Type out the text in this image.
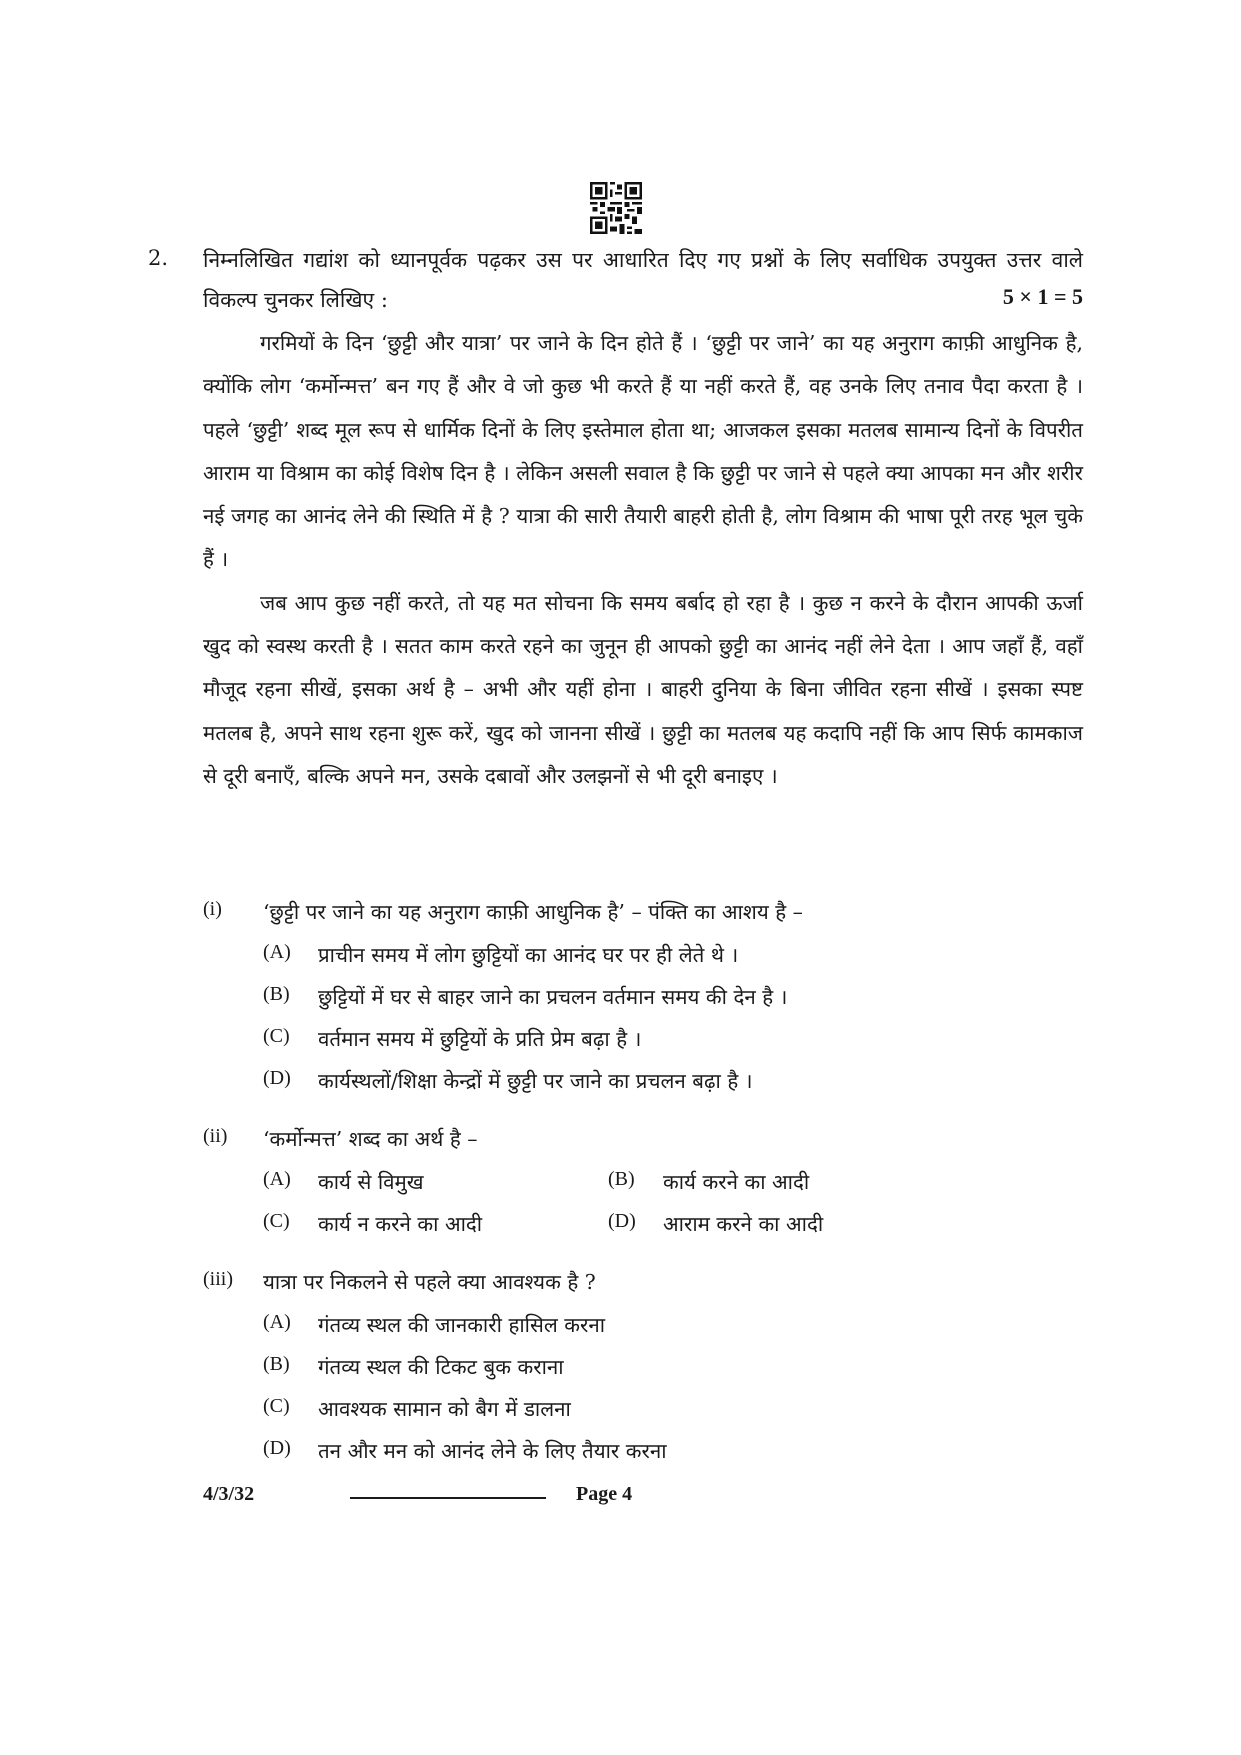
2. निम्नलिखित गद्यांश को ध्यानपूर्वक पढ़कर उस पर आधारित दिए गए प्रश्नों के लिए सर्वाधिक उपयुक्त उत्तर वाले विकल्प चुनकर लिखिए :	5 × 1 = 5

गरमियों के दिन ‘छुट्टी और यात्रा’ पर जाने के दिन होते हैं । ‘छुट्टी पर जाने’ का यह अनुराग काफ़ी आधुनिक है, क्योंकि लोग ‘कर्मोन्मत्त’ बन गए हैं और वे जो कुछ भी करते हैं या नहीं करते हैं, वह उनके लिए तनाव पैदा करता है । पहले ‘छुट्टी’ शब्द मूल रूप से धार्मिक दिनों के लिए इस्तेमाल होता था; आजकल इसका मतलब सामान्य दिनों के विपरीत आराम या विश्राम का कोई विशेष दिन है । लेकिन असली सवाल है कि छुट्टी पर जाने से पहले क्या आपका मन और शरीर नई जगह का आनंद लेने की स्थिति में है ? यात्रा की सारी तैयारी बाहरी होती है, लोग विश्राम की भाषा पूरी तरह भूल चुके हैं ।

जब आप कुछ नहीं करते, तो यह मत सोचना कि समय बर्बाद हो रहा है । कुछ न करने के दौरान आपकी ऊर्जा खुद को स्वस्थ करती है । सतत काम करते रहने का जुनून ही आपको छुट्टी का आनंद नहीं लेने देता । आप जहाँ हैं, वहाँ मौजूद रहना सीखें, इसका अर्थ है – अभी और यहीं होना । बाहरी दुनिया के बिना जीवित रहना सीखें । इसका स्पष्ट मतलब है, अपने साथ रहना शुरू करें, खुद को जानना सीखें । छुट्टी का मतलब यह कदापि नहीं कि आप सिर्फ कामकाज से दूरी बनाएँ, बल्कि अपने मन, उसके दबावों और उलझनों से भी दूरी बनाइए ।

(i) ‘छुट्टी पर जाने का यह अनुराग काफ़ी आधुनिक है’ – पंक्ति का आशय है –
(A) प्राचीन समय में लोग छुट्टियों का आनंद घर पर ही लेते थे ।
(B) छुट्टियों में घर से बाहर जाने का प्रचलन वर्तमान समय की देन है ।
(C) वर्तमान समय में छुट्टियों के प्रति प्रेम बढ़ा है ।
(D) कार्यस्थलों/शिक्षा केन्द्रों में छुट्टी पर जाने का प्रचलन बढ़ा है ।
(ii) ‘कर्मोन्मत्त’ शब्द का अर्थ है –
(A) कार्य से विमुख	(B) कार्य करने का आदी
(C) कार्य न करने का आदी	(D) आराम करने का आदी
(iii) यात्रा पर निकलने से पहले क्या आवश्यक है ?
(A) गंतव्य स्थल की जानकारी हासिल करना
(B) गंतव्य स्थल की टिकट बुक कराना
(C) आवश्यक सामान को बैग में डालना
(D) तन और मन को आनंद लेने के लिए तैयार करना
4/3/32	Page 4
